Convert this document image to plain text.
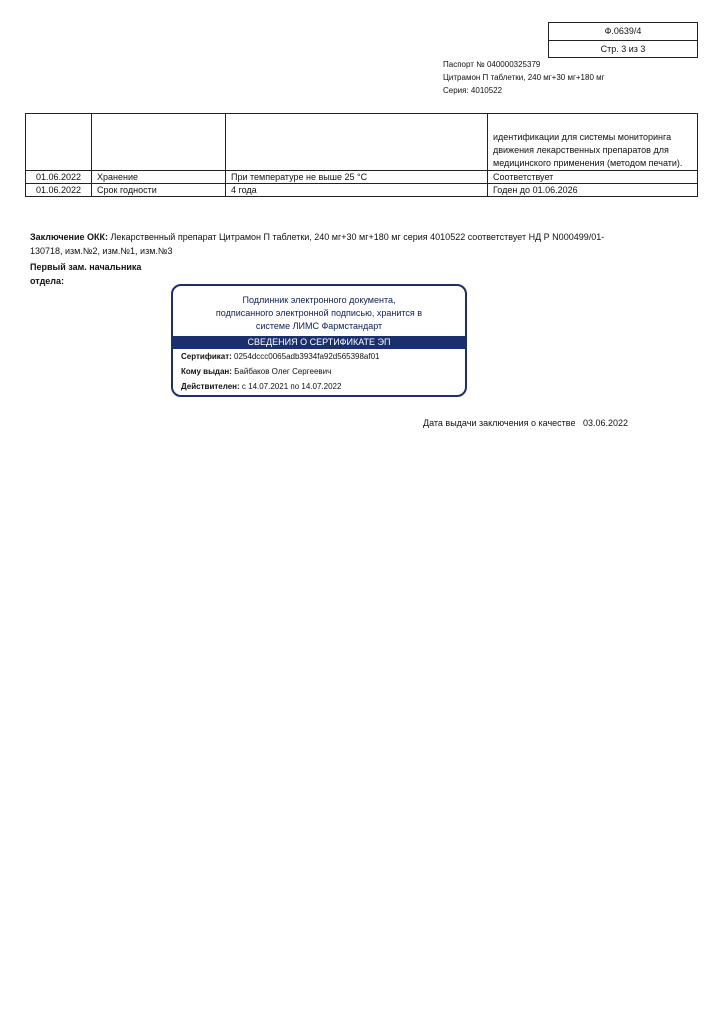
Ф.0639/4
Стр. 3 из 3
Паспорт № 040000325379
Цитрамон П таблетки, 240 мг+30 мг+180 мг
Серия: 4010522
			идентификации для системы мониторинга движения лекарственных препаратов для медицинского применения (методом печати).
01.06.2022	Хранение	При температуре не выше 25 °С	Соответствует
01.06.2022	Срок годности	4 года	Годен до 01.06.2026
Заключение ОКК: Лекарственный препарат Цитрамон П таблетки, 240 мг+30 мг+180 мг серия 4010522 соответствует НД Р N000499/01-130718, изм.№2, изм.№1, изм.№3
Первый зам. начальника
отдела:
Подлинник электронного документа,
подписанного электронной подписью, хранится в
системе ЛИМС Фармстандарт
СВЕДЕНИЯ О СЕРТИФИКАТЕ ЭП
Сертификат: 0254dccc0065adb3934fa92d565398af01
Кому выдан: Байбаков Олег Сергеевич
Действителен: с 14.07.2021 по 14.07.2022
Дата выдачи заключения о качестве 03.06.2022
